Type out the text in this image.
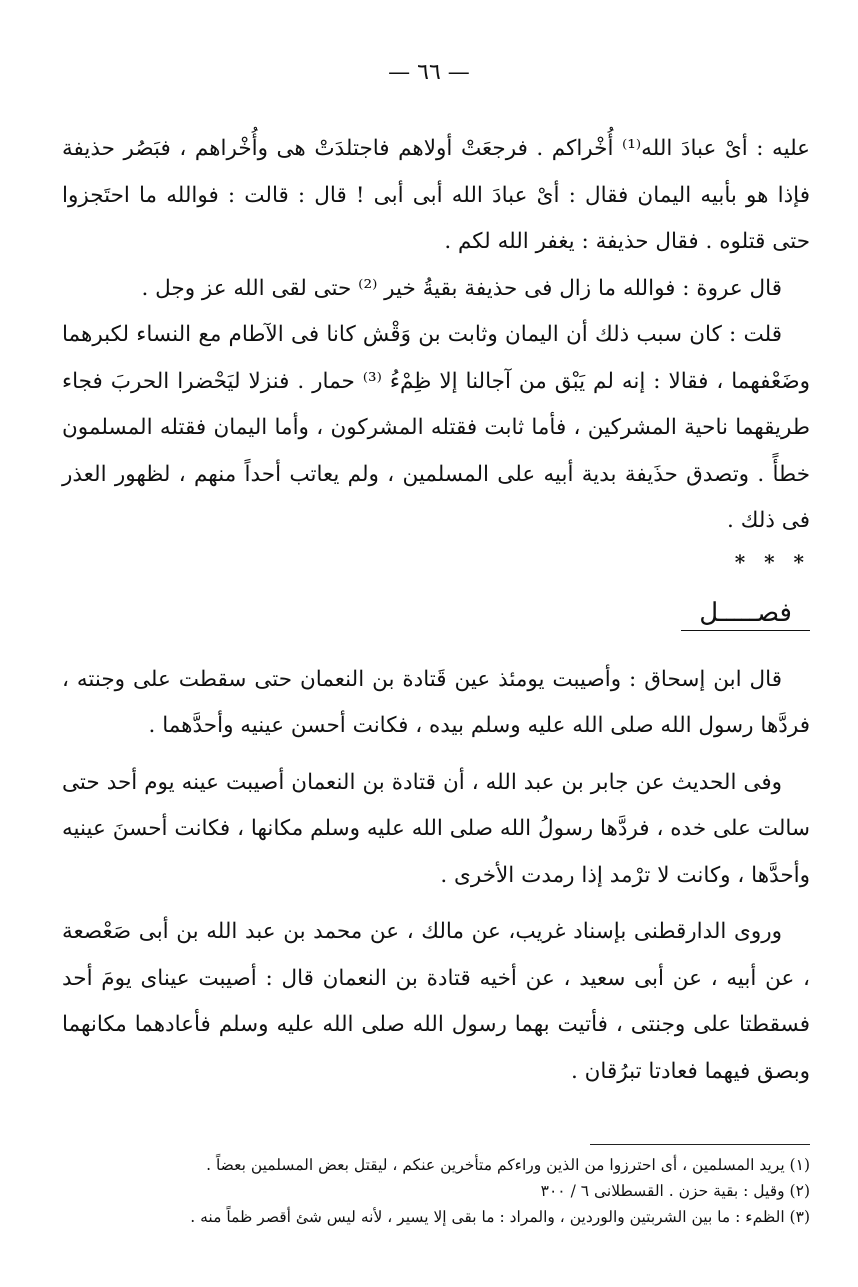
— ٦٦ —

عليه : أىْ عبادَ الله⁽¹⁾ أُخْراكم . فرجعَتْ أولاهم فاجتلدَتْ هى وأُخْراهم ، فبَصُر حذيفة فإذا هو بأبيه اليمان فقال : أىْ عبادَ الله أبى أبى ! قال : قالت : فوالله ما احتَجزوا حتى قتلوه . فقال حذيفة : يغفر الله لكم .

قال عروة : فوالله ما زال فى حذيفة بقيةُ خير ⁽²⁾ حتى لقى الله عز وجل .

قلت : كان سبب ذلك أن اليمان وثابت بن وَقْش كانا فى الآطام مع النساء لكبرهما وضَعْفهما ، فقالا : إنه لم يَبْق من آجالنا إلا ظِمْءُ ⁽³⁾ حمار . فنزلا ليَحْضرا الحربَ فجاء طريقهما ناحية المشركين ، فأما ثابت فقتله المشركون ، وأما اليمان فقتله المسلمون خطأً . وتصدق حذَيفة بدية أبيه على المسلمين ، ولم يعاتب أحداً منهم ، لظهور العذر فى ذلك .

* * *
فصـــــل

قال ابن إسحاق : وأصيبت يومئذ عين قَتادة بن النعمان حتى سقطت على وجنته ، فردَّها رسول الله صلى الله عليه وسلم بيده ، فكانت أحسن عينيه وأحدَّهما .

وفى الحديث عن جابر بن عبد الله ، أن قتادة بن النعمان أصيبت عينه يوم أحد حتى سالت على خده ، فردَّها رسولُ الله صلى الله عليه وسلم مكانها ، فكانت أحسنَ عينيه وأحدَّها ، وكانت لا ترْمد إذا رمدت الأخرى .

وروى الدارقطنى بإسناد غريب، عن مالك ، عن محمد بن عبد الله بن أبى صَعْصعة ، عن أبيه ، عن أبى سعيد ، عن أخيه قتادة بن النعمان قال : أصيبت عيناى يومَ أحد فسقطتا على وجنتى ، فأتيت بهما رسول الله صلى الله عليه وسلم فأعادهما مكانهما وبصق فيهما فعادتا تبرُقان .

(١) يريد المسلمين ، أى احترزوا من الذين وراءكم متأخرين عنكم ، ليقتل بعض المسلمين بعضاً .

(٢) وقيل : بقية حزن . القسطلانى ٦ / ٣٠٠

(٣) الظمء : ما بين الشربتين والوردين ، والمراد : ما بقى إلا يسير ، لأنه ليس شئ أقصر ظماً منه .
